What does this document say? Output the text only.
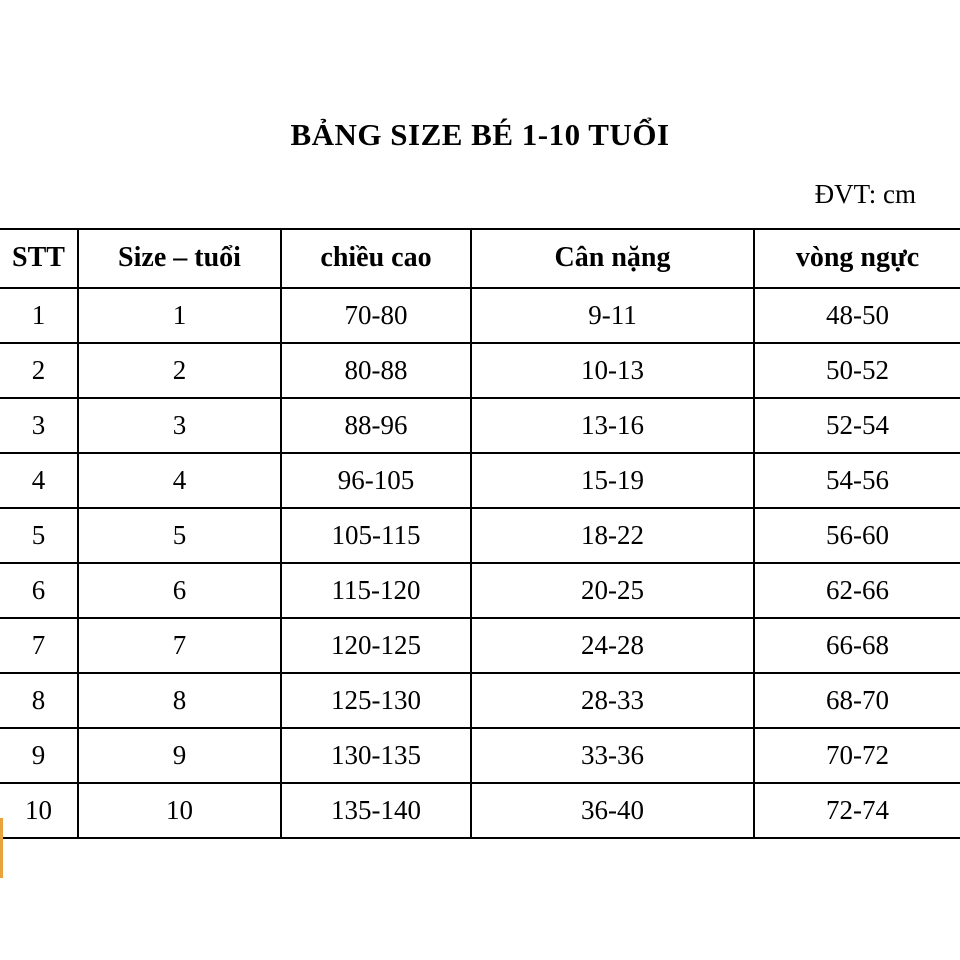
BẢNG SIZE BÉ 1-10 TUỔI
ĐVT: cm
STT	Size – tuổi	chiều cao	Cân nặng	vòng ngực
1	1	70-80	9-11	48-50
2	2	80-88	10-13	50-52
3	3	88-96	13-16	52-54
4	4	96-105	15-19	54-56
5	5	105-115	18-22	56-60
6	6	115-120	20-25	62-66
7	7	120-125	24-28	66-68
8	8	125-130	28-33	68-70
9	9	130-135	33-36	70-72
10	10	135-140	36-40	72-74
